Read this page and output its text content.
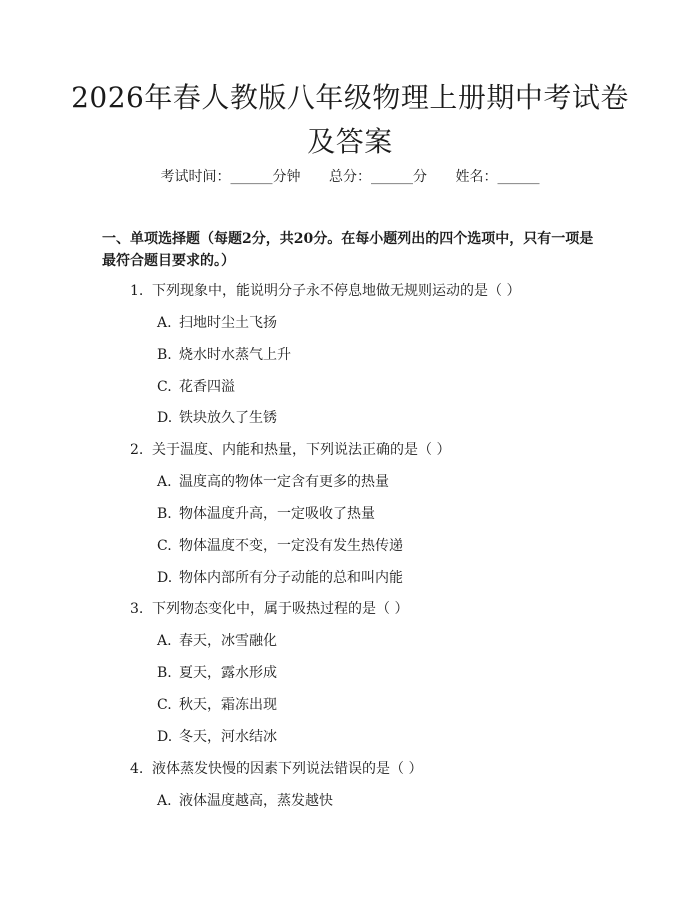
2026年春人教版八年级物理上册期中考试卷及答案
考试时间：______分钟 总分：______分 姓名：______

一、单项选择题（每题2分，共20分。在每小题列出的四个选项中，只有一项是最符合题目要求的。）

1. 下列现象中，能说明分子永不停息地做无规则运动的是（ ）
A. 扫地时尘土飞扬
B. 烧水时水蒸气上升
C. 花香四溢
D. 铁块放久了生锈
2. 关于温度、内能和热量，下列说法正确的是（ ）
A. 温度高的物体一定含有更多的热量
B. 物体温度升高，一定吸收了热量
C. 物体温度不变，一定没有发生热传递
D. 物体内部所有分子动能的总和叫内能
3. 下列物态变化中，属于吸热过程的是（ ）
A. 春天，冰雪融化
B. 夏天，露水形成
C. 秋天，霜冻出现
D. 冬天，河水结冰
4. 液体蒸发快慢的因素下列说法错误的是（ ）
A. 液体温度越高，蒸发越快
